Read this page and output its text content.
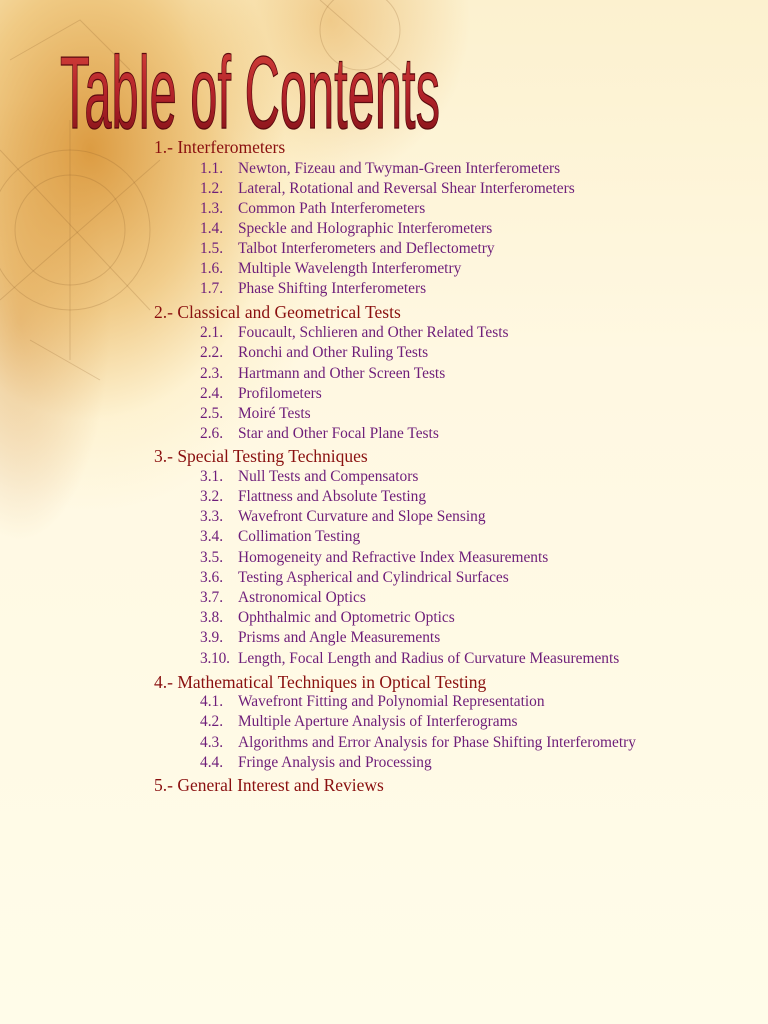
Table of Contents
1.- Interferometers
1.1. Newton, Fizeau and Twyman-Green Interferometers
1.2. Lateral, Rotational and Reversal Shear Interferometers
1.3. Common Path Interferometers
1.4. Speckle and Holographic Interferometers
1.5. Talbot Interferometers and Deflectometry
1.6. Multiple Wavelength Interferometry
1.7. Phase Shifting Interferometers
2.- Classical and Geometrical Tests
2.1. Foucault, Schlieren and Other Related Tests
2.2. Ronchi and Other Ruling Tests
2.3. Hartmann and Other Screen Tests
2.4. Profilometers
2.5. Moiré Tests
2.6. Star and Other Focal Plane Tests
3.- Special Testing Techniques
3.1. Null Tests and Compensators
3.2. Flattness and Absolute Testing
3.3. Wavefront Curvature and Slope Sensing
3.4. Collimation Testing
3.5. Homogeneity and Refractive Index Measurements
3.6. Testing Aspherical and Cylindrical Surfaces
3.7. Astronomical Optics
3.8. Ophthalmic and Optometric Optics
3.9. Prisms and Angle Measurements
3.10. Length, Focal Length and Radius of Curvature Measurements
4.- Mathematical Techniques in Optical Testing
4.1. Wavefront Fitting and Polynomial Representation
4.2. Multiple Aperture Analysis of Interferograms
4.3. Algorithms and Error Analysis for Phase Shifting Interferometry
4.4. Fringe Analysis and Processing
5.- General Interest and Reviews
